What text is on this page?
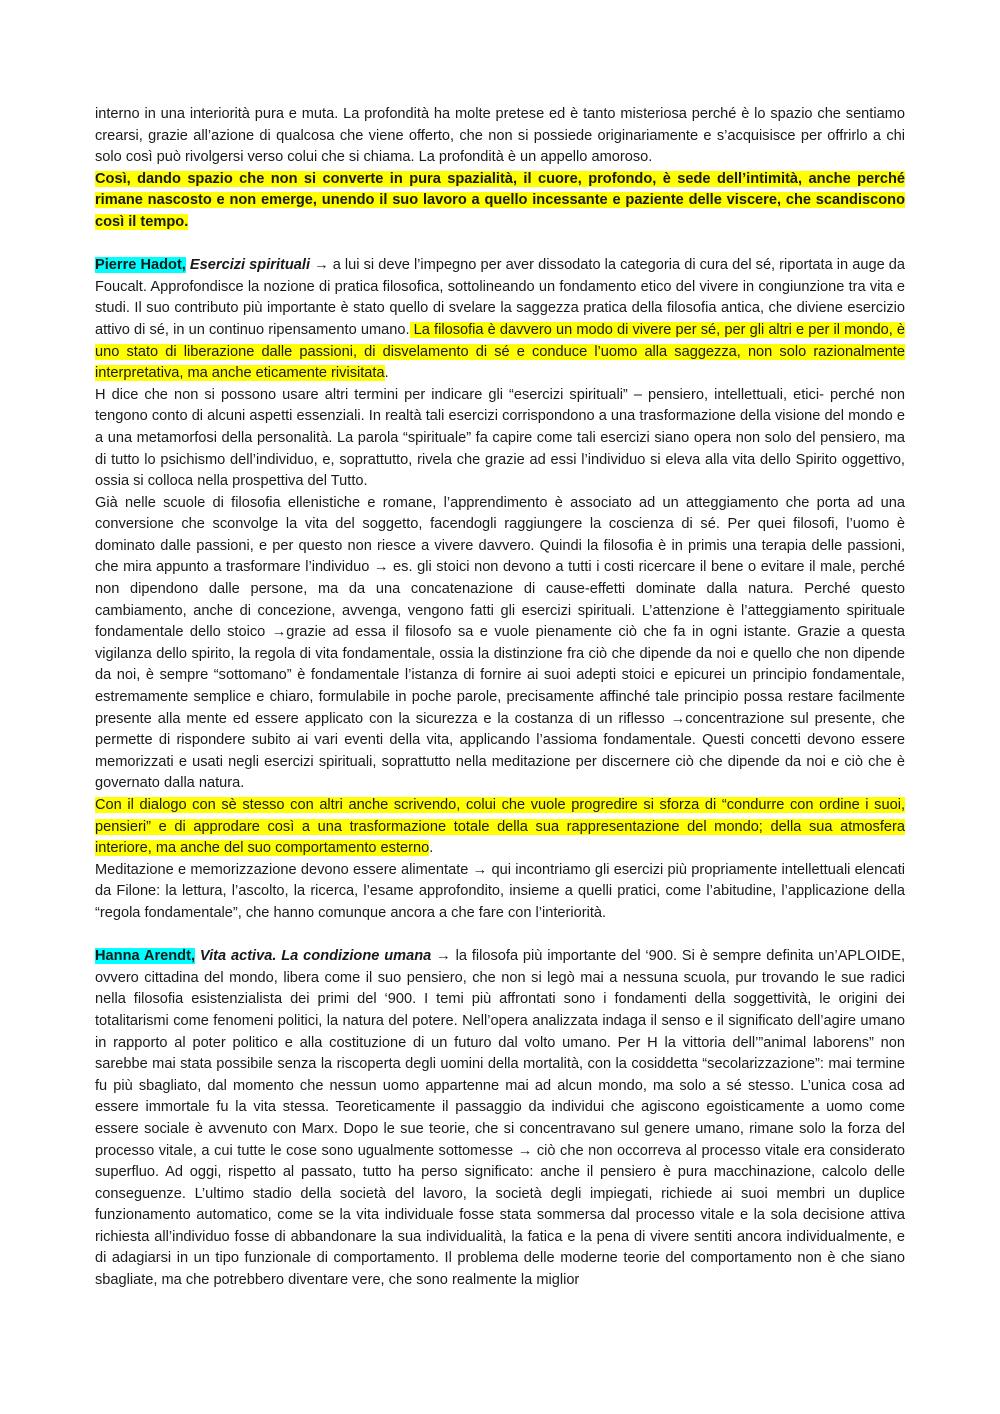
interno in una interiorità pura e muta. La profondità ha molte pretese ed è tanto misteriosa perché è lo spazio che sentiamo crearsi, grazie all’azione di qualcosa che viene offerto, che non si possiede originariamente e s’acquisisce per offrirlo a chi solo così può rivolgersi verso colui che si chiama. La profondità è un appello amoroso.

Così, dando spazio che non si converte in pura spazialità, il cuore, profondo, è sede dell’intimità, anche perché rimane nascosto e non emerge, unendo il suo lavoro a quello incessante e paziente delle viscere, che scandiscono così il tempo.

Pierre Hadot, Esercizi spirituali → a lui si deve l’impegno per aver dissodato la categoria di cura del sé, riportata in auge da Foucalt. Approfondisce la nozione di pratica filosofica, sottolineando un fondamento etico del vivere in congiunzione tra vita e studi. Il suo contributo più importante è stato quello di svelare la saggezza pratica della filosofia antica, che diviene esercizio attivo di sé, in un continuo ripensamento umano. La filosofia è davvero un modo di vivere per sé, per gli altri e per il mondo, è uno stato di liberazione dalle passioni, di disvelamento di sé e conduce l’uomo alla saggezza, non solo razionalmente interpretativa, ma anche eticamente rivisitata.

H dice che non si possono usare altri termini per indicare gli “esercizi spirituali” – pensiero, intellettuali, etici- perché non tengono conto di alcuni aspetti essenziali. In realtà tali esercizi corrispondono a una trasformazione della visione del mondo e a una metamorfosi della personalità. La parola “spirituale” fa capire come tali esercizi siano opera non solo del pensiero, ma di tutto lo psichismo dell’individuo, e, soprattutto, rivela che grazie ad essi l’individuo si eleva alla vita dello Spirito oggettivo, ossia si colloca nella prospettiva del Tutto.

Già nelle scuole di filosofia ellenistiche e romane, l’apprendimento è associato ad un atteggiamento che porta ad una conversione che sconvolge la vita del soggetto, facendogli raggiungere la coscienza di sé. Per quei filosofi, l’uomo è dominato dalle passioni, e per questo non riesce a vivere davvero. Quindi la filosofia è in primis una terapia delle passioni, che mira appunto a trasformare l’individuo → es. gli stoici non devono a tutti i costi ricercare il bene o evitare il male, perché non dipendono dalle persone, ma da una concatenazione di cause-effetti dominate dalla natura. Perché questo cambiamento, anche di concezione, avvenga, vengono fatti gli esercizi spirituali. L’attenzione è l’atteggiamento spirituale fondamentale dello stoico →grazie ad essa il filosofo sa e vuole pienamente ciò che fa in ogni istante. Grazie a questa vigilanza dello spirito, la regola di vita fondamentale, ossia la distinzione fra ciò che dipende da noi e quello che non dipende da noi, è sempre “sottomano” è fondamentale l’istanza di fornire ai suoi adepti stoici e epicurei un principio fondamentale, estremamente semplice e chiaro, formulabile in poche parole, precisamente affinché tale principio possa restare facilmente presente alla mente ed essere applicato con la sicurezza e la costanza di un riflesso →concentrazione sul presente, che permette di rispondere subito ai vari eventi della vita, applicando l’assioma fondamentale. Questi concetti devono essere memorizzati e usati negli esercizi spirituali, soprattutto nella meditazione per discernere ciò che dipende da noi e ciò che è governato dalla natura.

Con il dialogo con sè stesso con altri anche scrivendo, colui che vuole progredire si sforza di “condurre con ordine i suoi, pensieri” e di approdare così a una trasformazione totale della sua rappresentazione del mondo; della sua atmosfera interiore, ma anche del suo comportamento esterno.

Meditazione e memorizzazione devono essere alimentate → qui incontriamo gli esercizi più propriamente intellettuali elencati da Filone: la lettura, l’ascolto, la ricerca, l’esame approfondito, insieme a quelli pratici, come l’abitudine, l’applicazione della “regola fondamentale”, che hanno comunque ancora a che fare con l’interiorità.

Hanna Arendt, Vita activa. La condizione umana → la filosofa più importante del ‘900. Si è sempre definita un’APLOIDE, ovvero cittadina del mondo, libera come il suo pensiero, che non si legò mai a nessuna scuola, pur trovando le sue radici nella filosofia esistenzialista dei primi del ‘900. I temi più affrontati sono i fondamenti della soggettività, le origini dei totalitarismi come fenomeni politici, la natura del potere. Nell’opera analizzata indaga il senso e il significato dell’agire umano in rapporto al poter politico e alla costituzione di un futuro dal volto umano. Per H la vittoria dell’”animal laborens” non sarebbe mai stata possibile senza la riscoperta degli uomini della mortalità, con la cosiddetta “secolarizzazione”: mai termine fu più sbagliato, dal momento che nessun uomo appartenne mai ad alcun mondo, ma solo a sé stesso. L’unica cosa ad essere immortale fu la vita stessa. Teoreticamente il passaggio da individui che agiscono egoisticamente a uomo come essere sociale è avvenuto con Marx. Dopo le sue teorie, che si concentravano sul genere umano, rimane solo la forza del processo vitale, a cui tutte le cose sono ugualmente sottomesse → ciò che non occorreva al processo vitale era considerato superfluo. Ad oggi, rispetto al passato, tutto ha perso significato: anche il pensiero è pura macchinazione, calcolo delle conseguenze. L’ultimo stadio della società del lavoro, la società degli impiegati, richiede ai suoi membri un duplice funzionamento automatico, come se la vita individuale fosse stata sommersa dal processo vitale e la sola decisione attiva richiesta all’individuo fosse di abbandonare la sua individualità, la fatica e la pena di vivere sentiti ancora individualmente, e di adagiarsi in un tipo funzionale di comportamento. Il problema delle moderne teorie del comportamento non è che siano sbagliate, ma che potrebbero diventare vere, che sono realmente la miglior
